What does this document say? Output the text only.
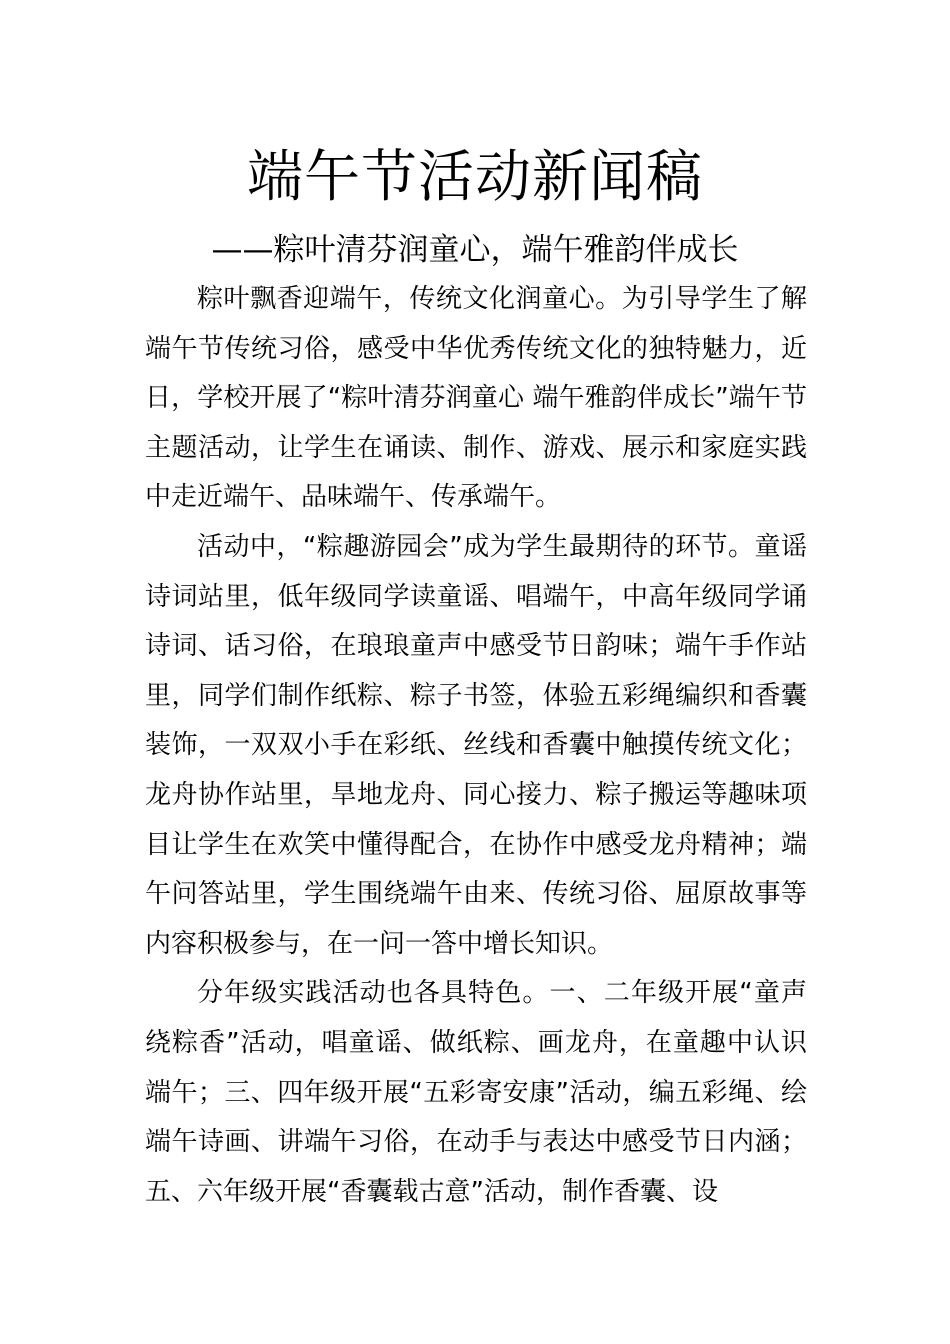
端午节活动新闻稿
——粽叶清芬润童心，端午雅韵伴成长

粽叶飘香迎端午，传统文化润童心。为引导学生了解端午节传统习俗，感受中华优秀传统文化的独特魅力，近日，学校开展了“粽叶清芬润童心 端午雅韵伴成长”端午节主题活动，让学生在诵读、制作、游戏、展示和家庭实践中走近端午、品味端午、传承端午。

活动中，“粽趣游园会”成为学生最期待的环节。童谣诗词站里，低年级同学读童谣、唱端午，中高年级同学诵诗词、话习俗，在琅琅童声中感受节日韵味；端午手作站里，同学们制作纸粽、粽子书签，体验五彩绳编织和香囊装饰，一双双小手在彩纸、丝线和香囊中触摸传统文化；龙舟协作站里，旱地龙舟、同心接力、粽子搬运等趣味项目让学生在欢笑中懂得配合，在协作中感受龙舟精神；端午问答站里，学生围绕端午由来、传统习俗、屈原故事等内容积极参与，在一问一答中增长知识。

分年级实践活动也各具特色。一、二年级开展“童声绕粽香”活动，唱童谣、做纸粽、画龙舟，在童趣中认识端午；三、四年级开展“五彩寄安康”活动，编五彩绳、绘端午诗画、讲端午习俗，在动手与表达中感受节日内涵；五、六年级开展“香囊载古意”活动，制作香囊、设
